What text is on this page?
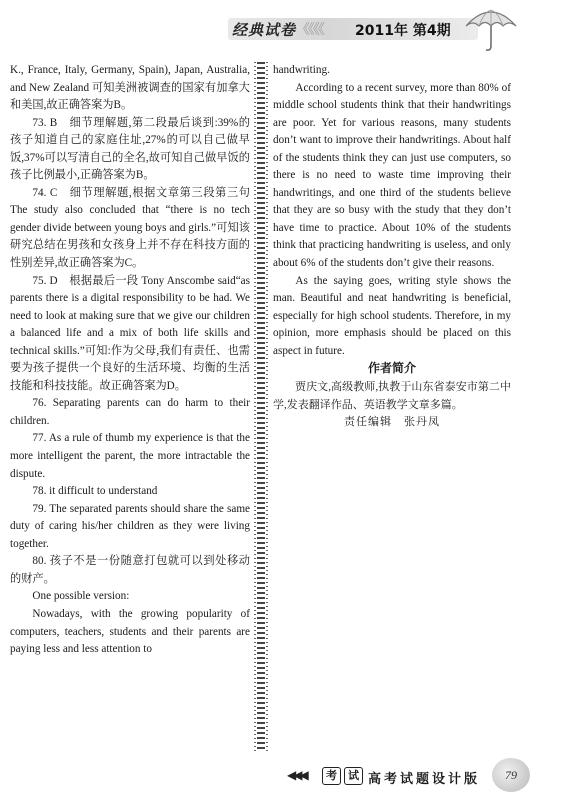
经典试卷 《《《《 2011年 第4期

K., France, Italy, Germany, Spain), Japan, Australia, and New Zealand 可知美洲被调查的国家有加拿大和美国,故正确答案为B。

73. B　细节理解题,第二段最后谈到:39%的孩子知道自己的家庭住址,27%的可以自己做早饭,37%可以写清自己的全名,故可知自己做早饭的孩子比例最小,正确答案为B。

74. C　细节理解题,根据文章第三段第三句 The study also concluded that “there is no tech gender divide between young boys and girls.”可知该研究总结在男孩和女孩身上并不存在科技方面的性别差异,故正确答案为C。

75. D　根据最后一段 Tony Anscombe said“as parents there is a digital responsibility to be had. We need to look at making sure that we give our children a balanced life and a mix of both life skills and technical skills.”可知:作为父母,我们有责任、也需要为孩子提供一个良好的生活环境、均衡的生活技能和科技技能。故正确答案为D。

76. Separating parents can do harm to their children.

77. As a rule of thumb my experience is that the more intelligent the parent, the more intractable the dispute.

78. it difficult to understand

79. The separated parents should share the same duty of caring his/her children as they were living together.

80. 孩子不是一份随意打包就可以到处移动的财产。

One possible version:

Nowadays, with the growing popularity of computers, teachers, students and their parents are paying less and less attention to

handwriting.

According to a recent survey, more than 80% of middle school students think that their handwritings are poor. Yet for various reasons, many students don’t want to improve their handwritings. About half of the students think they can just use computers, so there is no need to waste time improving their handwritings, and one third of the students believe that they are so busy with the study that they don’t have time to practice. About 10% of the students think that practicing handwriting is useless, and only about 6% of the students don’t give their reasons.

As the saying goes, writing style shows the man. Beautiful and neat handwriting is beneficial, especially for high school students. Therefore, in my opinion, more emphasis should be placed on this aspect in future.

作者简介

贾庆文,高级教师,执教于山东省泰安市第二中学,发表翻译作品、英语教学文章多篇。

责任编辑　张丹凤

◀◀◀	考	试 高考试题设计版	79
